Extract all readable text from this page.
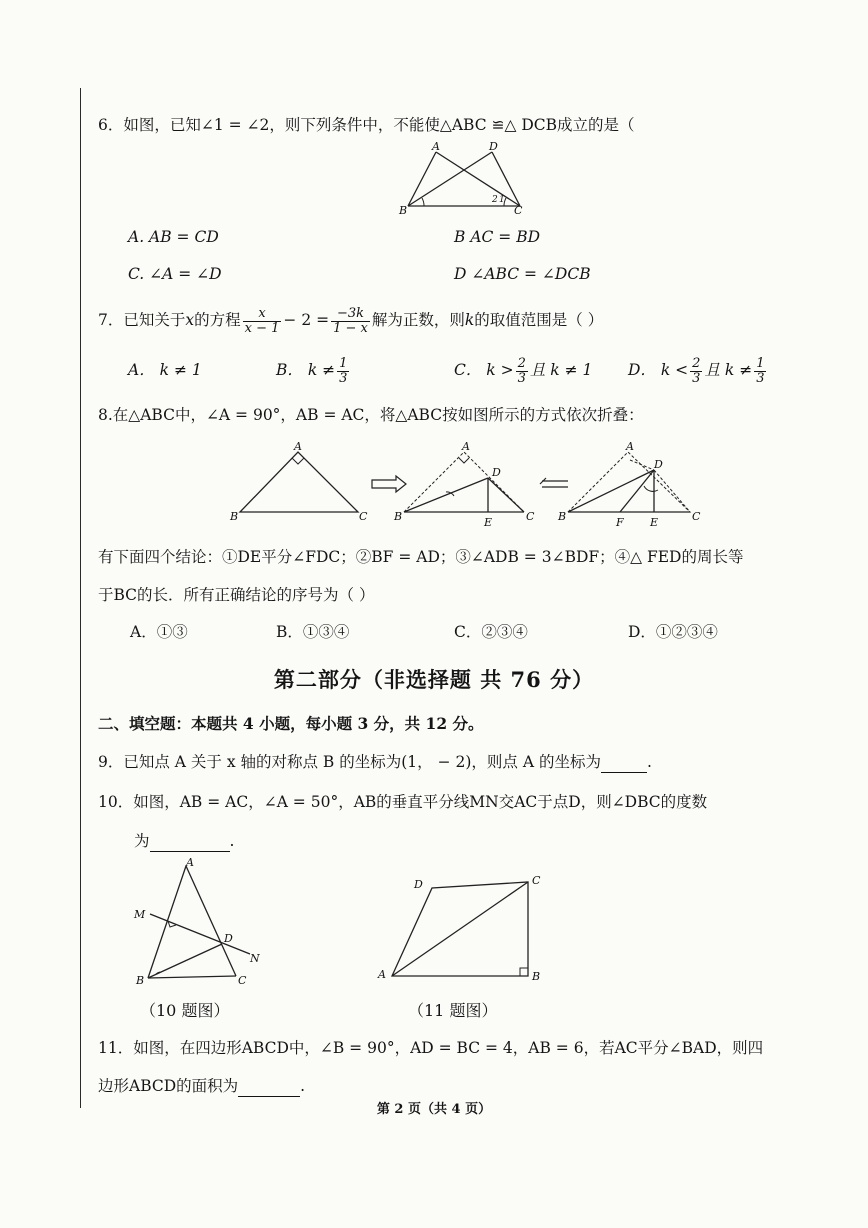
6．如图，已知∠1 = ∠2，则下列条件中，不能使△ABC ≌△ DCB成立的是（
A	D
B	C
2 1
A. AB = CD	B AC = BD
C. ∠A = ∠D	D ∠ABC = ∠DCB
7．已知关于x的方程 $\frac{x}{x - 1} - 2 = \frac{-3k}{1 - x}$ 解为正数，则k的取值范围是（ ）
A． k ≠ 1	B． $k \ne \frac{1}{3}$	C． $k > \frac{2}{3}$ 且 k ≠ 1 D． $k < \frac{2}{3}$ 且 $k \ne \frac{1}{3}$
8.在△ABC中，∠A = 90°，AB = AC，将△ABC按如图所示的方式依次折叠：
A
B	C
A
D
B	C
E
A
D
B	C
F E
有下面四个结论：①DE平分∠FDC；②BF = AD；③∠ADB = 3∠BDF；④△ FED的周长等
于BC的长．所有正确结论的序号为（ ）
A．①③	B．①③④	C．②③④	D．①②③④
第二部分（非选择题 共 76 分）
二、填空题：本题共 4 小题，每小题 3 分，共 12 分。
9．已知点 A 关于 x 轴的对称点 B 的坐标为(1， − 2)，则点 A 的坐标为	.
10．如图，AB = AC，∠A = 50°，AB的垂直平分线MN交AC于点D，则∠DBC的度数
为	.
A
M
D
N
B	C
D	C
A	B
（10 题图）	（11 题图）
11．如图，在四边形ABCD中，∠B = 90°，AD = BC = 4，AB = 6，若AC平分∠BAD，则四
边形ABCD的面积为	.
第 2 页（共 4 页）
